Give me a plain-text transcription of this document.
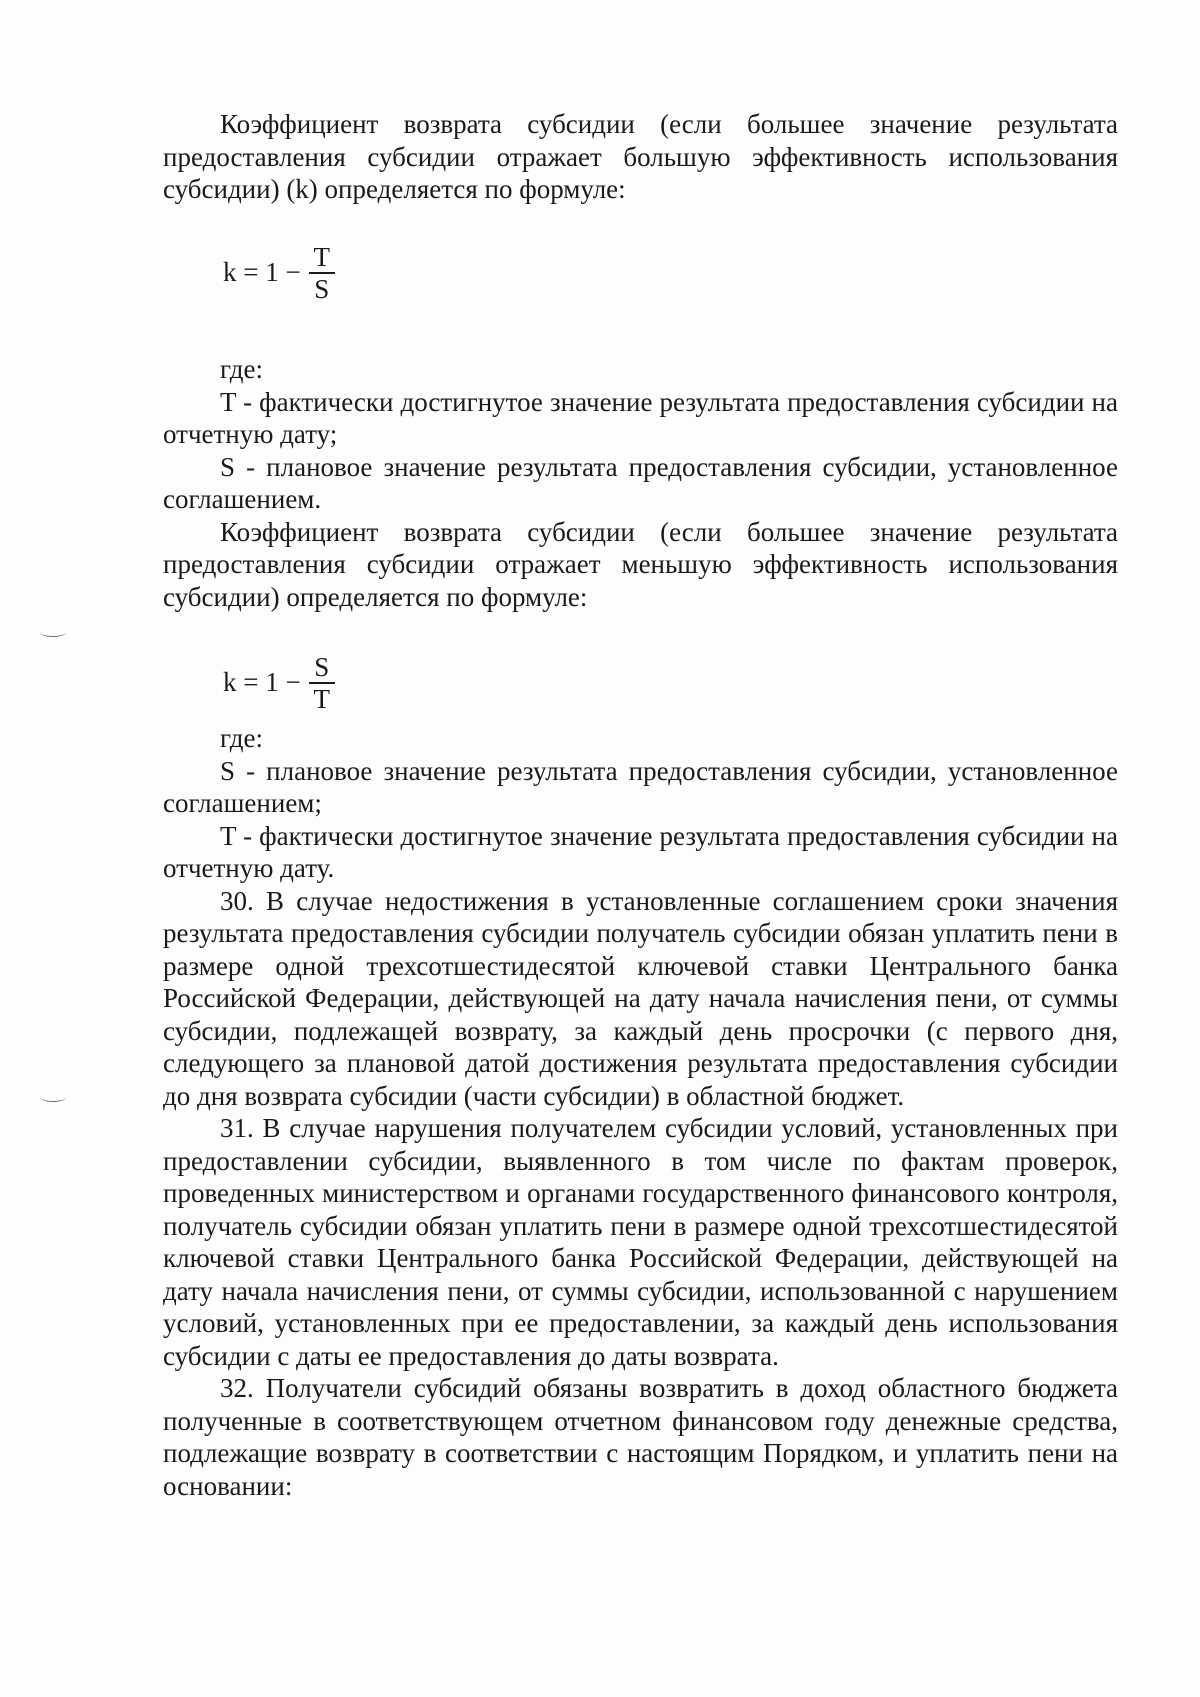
Коэффициент возврата субсидии (если большее значение результата предоставления субсидии отражает большую эффективность использования субсидии) (k) определяется по формуле:

$k = 1 - \frac{T}{S}$

где:

T - фактически достигнутое значение результата предоставления субсидии на отчетную дату;

S - плановое значение результата предоставления субсидии, установленное соглашением.

Коэффициент возврата субсидии (если большее значение результата предоставления субсидии отражает меньшую эффективность использования субсидии) определяется по формуле:

$k = 1 - \frac{S}{T}$

где:

S - плановое значение результата предоставления субсидии, установленное соглашением;

T - фактически достигнутое значение результата предоставления субсидии на отчетную дату.

30. В случае недостижения в установленные соглашением сроки значения результата предоставления субсидии получатель субсидии обязан уплатить пени в размере одной трехсотшестидесятой ключевой ставки Центрального банка Российской Федерации, действующей на дату начала начисления пени, от суммы субсидии, подлежащей возврату, за каждый день просрочки (с первого дня, следующего за плановой датой достижения результата предоставления субсидии до дня возврата субсидии (части субсидии) в областной бюджет.

31. В случае нарушения получателем субсидии условий, установленных при предоставлении субсидии, выявленного в том числе по фактам проверок, проведенных министерством и органами государственного финансового контроля, получатель субсидии обязан уплатить пени в размере одной трехсотшестидесятой ключевой ставки Центрального банка Российской Федерации, действующей на дату начала начисления пени, от суммы субсидии, использованной с нарушением условий, установленных при ее предоставлении, за каждый день использования субсидии с даты ее предоставления до даты возврата.

32. Получатели субсидий обязаны возвратить в доход областного бюджета полученные в соответствующем отчетном финансовом году денежные средства, подлежащие возврату в соответствии с настоящим Порядком, и уплатить пени на основании:
